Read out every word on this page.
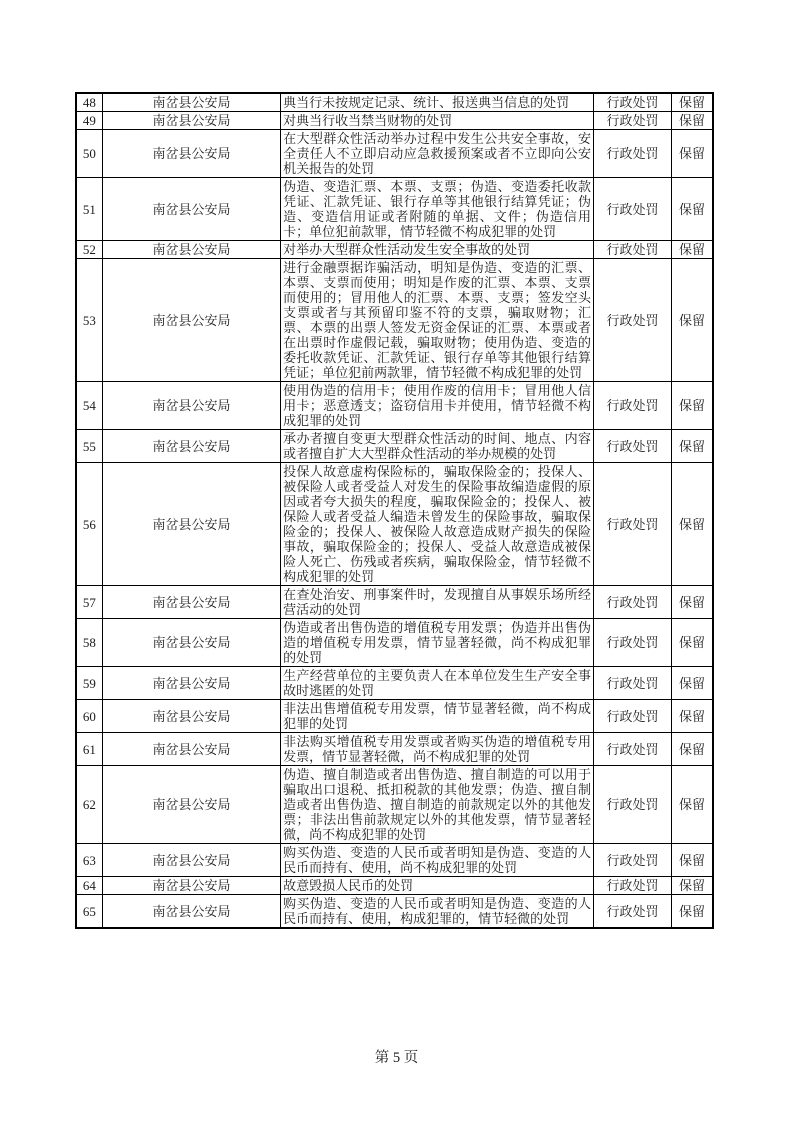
48	南岔县公安局	典当行未按规定记录、统计、报送典当信息的处罚	行政处罚	保留
49	南岔县公安局	对典当行收当禁当财物的处罚	行政处罚	保留
50	南岔县公安局	在大型群众性活动举办过程中发生公共安全事故，安全责任人不立即启动应急救援预案或者不立即向公安机关报告的处罚	行政处罚	保留
51	南岔县公安局	伪造、变造汇票、本票、支票；伪造、变造委托收款凭证、汇款凭证、银行存单等其他银行结算凭证；伪造、变造信用证或者附随的单据、文件；伪造信用卡；单位犯前款罪，情节轻微不构成犯罪的处罚	行政处罚	保留
52	南岔县公安局	对举办大型群众性活动发生安全事故的处罚	行政处罚	保留
53	南岔县公安局	进行金融票据诈骗活动，明知是伪造、变造的汇票、本票、支票而使用；明知是作废的汇票、本票、支票而使用的；冒用他人的汇票、本票、支票；签发空头支票或者与其预留印鉴不符的支票，骗取财物；汇票、本票的出票人签发无资金保证的汇票、本票或者在出票时作虚假记载，骗取财物；使用伪造、变造的委托收款凭证、汇款凭证、银行存单等其他银行结算凭证；单位犯前两款罪，情节轻微不构成犯罪的处罚	行政处罚	保留
54	南岔县公安局	使用伪造的信用卡；使用作废的信用卡；冒用他人信用卡；恶意透支；盗窃信用卡并使用，情节轻微不构成犯罪的处罚	行政处罚	保留
55	南岔县公安局	承办者擅自变更大型群众性活动的时间、地点、内容或者擅自扩大大型群众性活动的举办规模的处罚	行政处罚	保留
56	南岔县公安局	投保人故意虚构保险标的，骗取保险金的；投保人、被保险人或者受益人对发生的保险事故编造虚假的原因或者夸大损失的程度，骗取保险金的；投保人、被保险人或者受益人编造未曾发生的保险事故，骗取保险金的；投保人、被保险人故意造成财产损失的保险事故，骗取保险金的；投保人、受益人故意造成被保险人死亡、伤残或者疾病，骗取保险金，情节轻微不构成犯罪的处罚	行政处罚	保留
57	南岔县公安局	在查处治安、刑事案件时，发现擅自从事娱乐场所经营活动的处罚	行政处罚	保留
58	南岔县公安局	伪造或者出售伪造的增值税专用发票；伪造并出售伪造的增值税专用发票，情节显著轻微，尚不构成犯罪的处罚	行政处罚	保留
59	南岔县公安局	生产经营单位的主要负责人在本单位发生生产安全事故时逃匿的处罚	行政处罚	保留
60	南岔县公安局	非法出售增值税专用发票，情节显著轻微，尚不构成犯罪的处罚	行政处罚	保留
61	南岔县公安局	非法购买增值税专用发票或者购买伪造的增值税专用发票，情节显著轻微，尚不构成犯罪的处罚	行政处罚	保留
62	南岔县公安局	伪造、擅自制造或者出售伪造、擅自制造的可以用于骗取出口退税、抵扣税款的其他发票；伪造、擅自制造或者出售伪造、擅自制造的前款规定以外的其他发票；非法出售前款规定以外的其他发票，情节显著轻微，尚不构成犯罪的处罚	行政处罚	保留
63	南岔县公安局	购买伪造、变造的人民币或者明知是伪造、变造的人民币而持有、使用，尚不构成犯罪的处罚	行政处罚	保留
64	南岔县公安局	故意毁损人民币的处罚	行政处罚	保留
65	南岔县公安局	购买伪造、变造的人民币或者明知是伪造、变造的人民币而持有、使用，构成犯罪的，情节轻微的处罚	行政处罚	保留
第 5 页
